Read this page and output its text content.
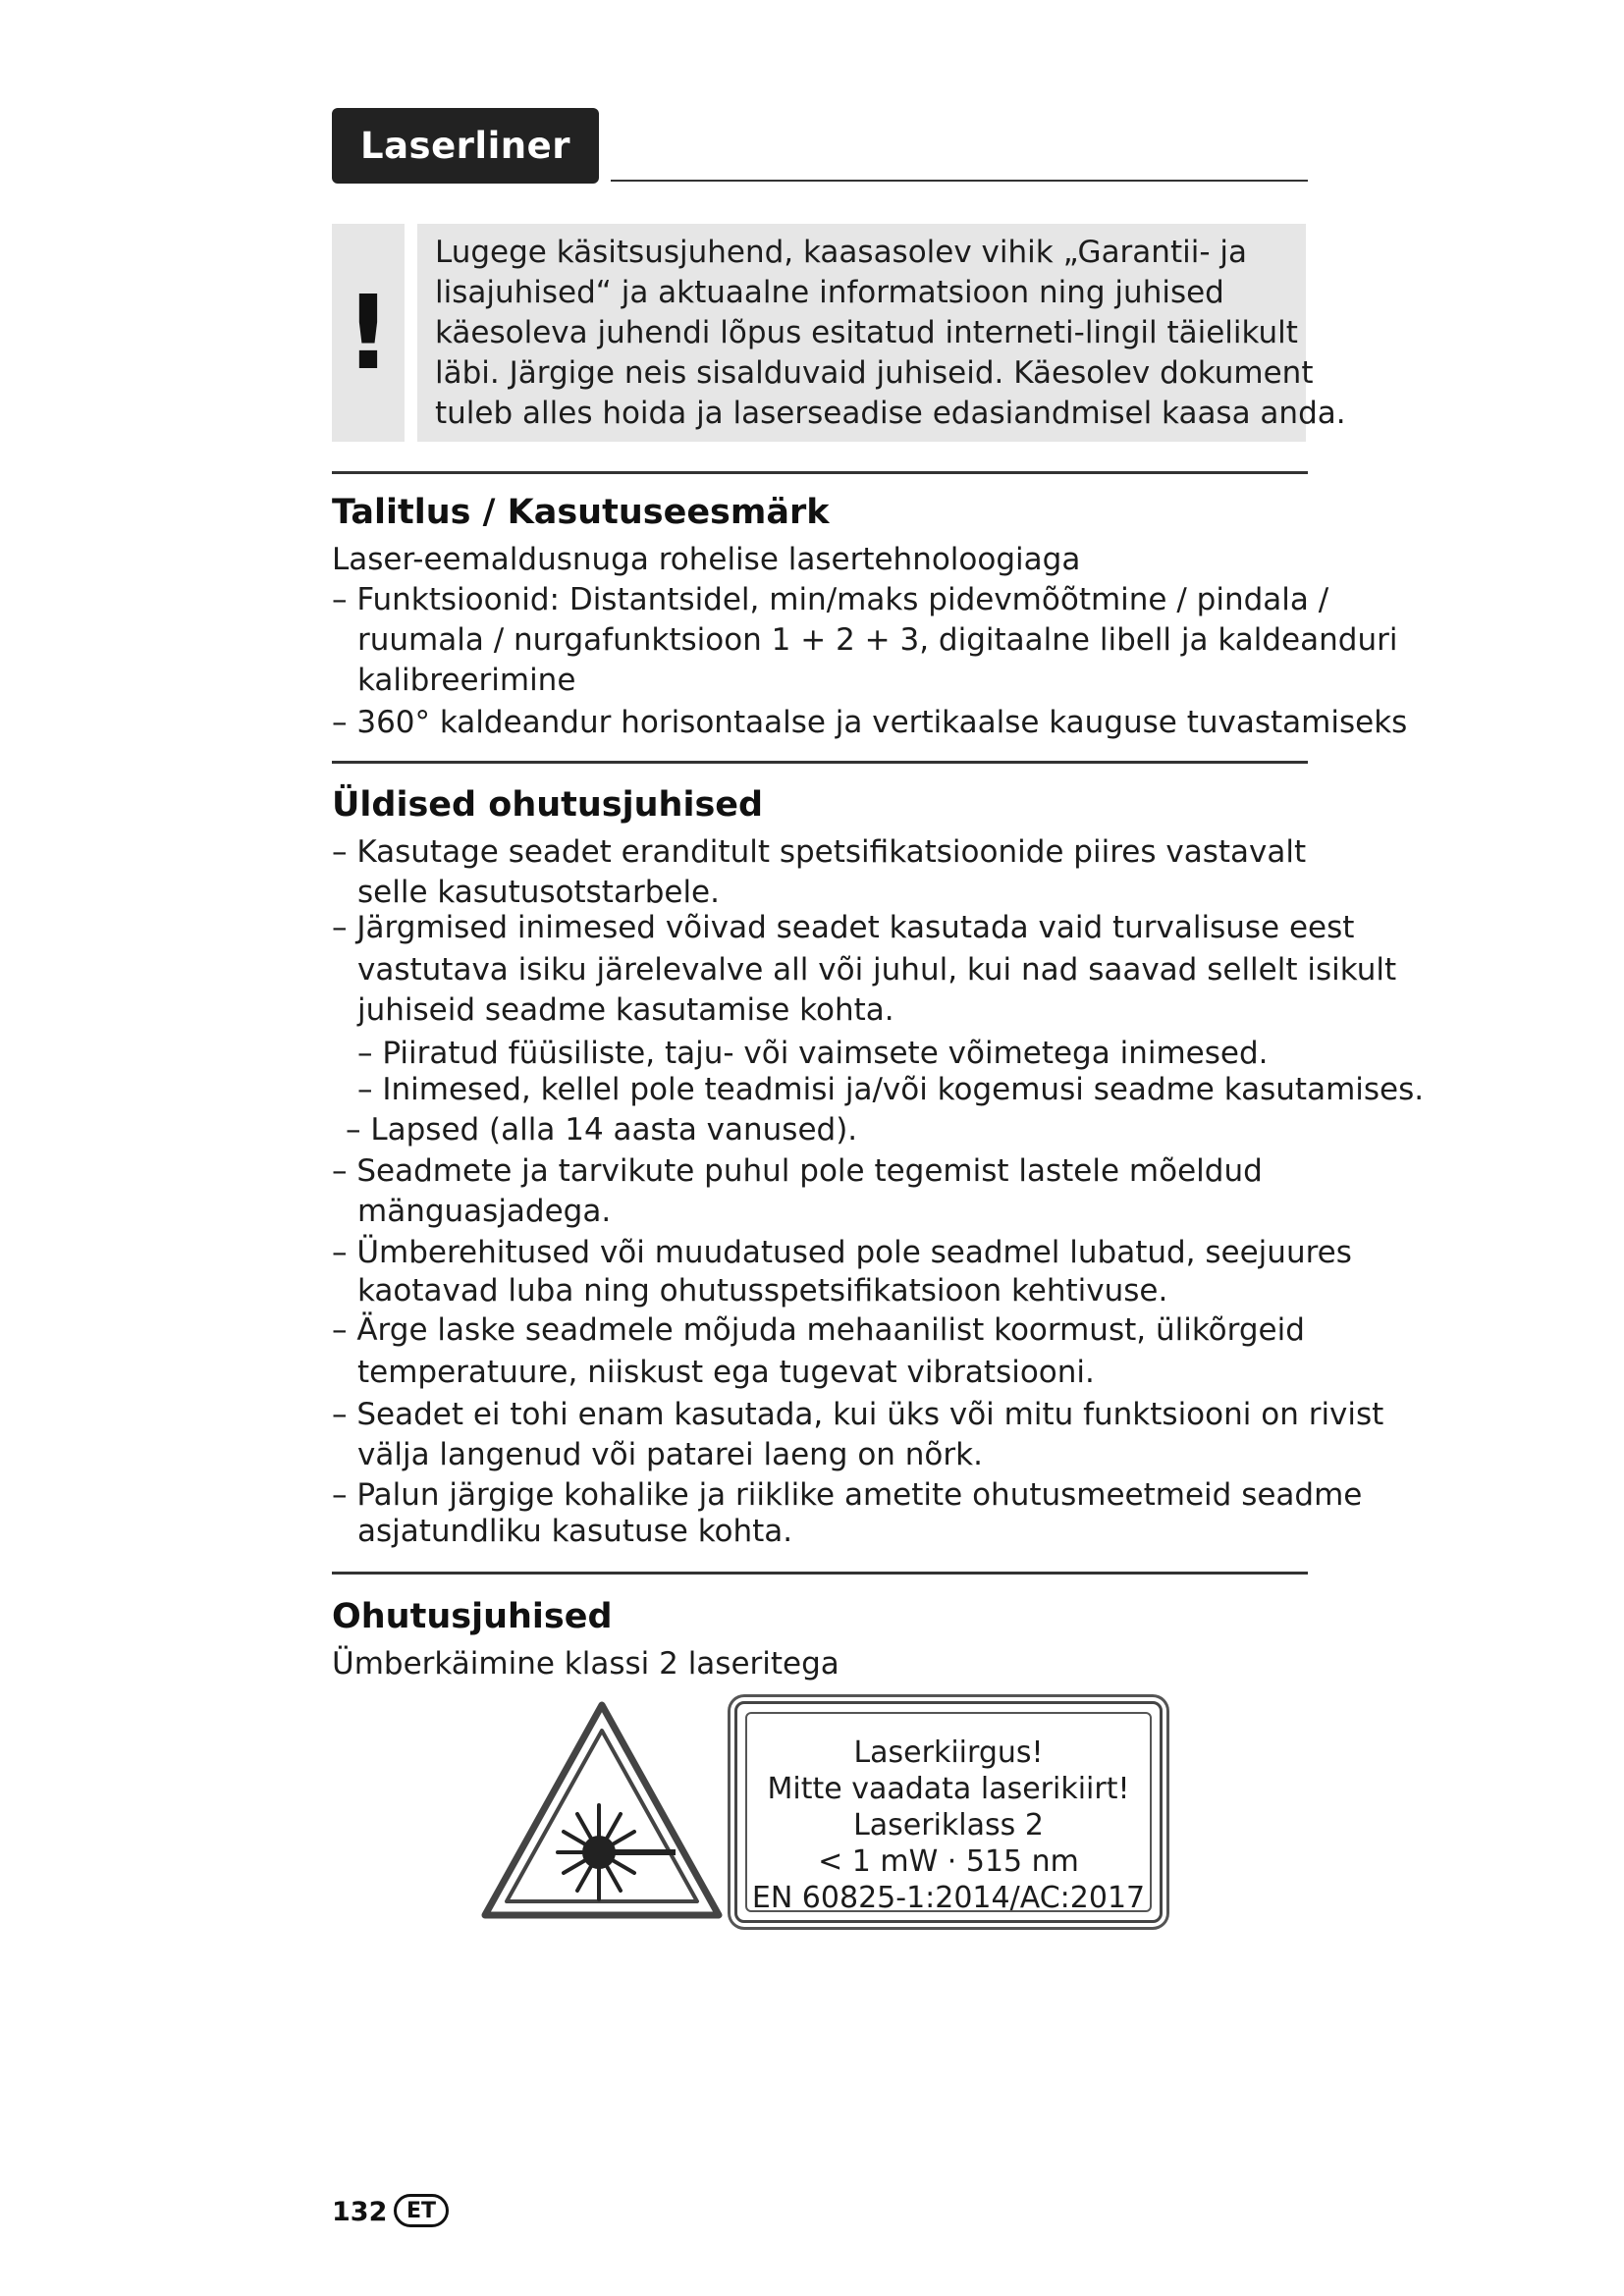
Laserliner
!
Lugege käsitsusjuhend, kaasasolev vihik „Garantii- ja
lisajuhised“ ja aktuaalne informatsioon ning juhised
käesoleva juhendi lõpus esitatud interneti-lingil täielikult
läbi. Järgige neis sisalduvaid juhiseid. Käesolev dokument
tuleb alles hoida ja laserseadise edasiandmisel kaasa anda.
Talitlus / Kasutuseesmärk
Laser-eemaldusnuga rohelise lasertehnoloogiaga
– Funktsioonid: Distantsidel, min/maks pidevmõõtmine / pindala /
ruumala / nurgafunktsioon 1 + 2 + 3, digitaalne libell ja kaldeanduri
kalibreerimine
– 360° kaldeandur horisontaalse ja vertikaalse kauguse tuvastamiseks
Üldised ohutusjuhised
– Kasutage seadet eranditult spetsifikatsioonide piires vastavalt
selle kasutusotstarbele.
– Järgmised inimesed võivad seadet kasutada vaid turvalisuse eest
vastutava isiku järelevalve all või juhul, kui nad saavad sellelt isikult
juhiseid seadme kasutamise kohta.
– Piiratud füüsiliste, taju- või vaimsete võimetega inimesed.
– Inimesed, kellel pole teadmisi ja/või kogemusi seadme kasutamises.
– Lapsed (alla 14 aasta vanused).
– Seadmete ja tarvikute puhul pole tegemist lastele mõeldud
mänguasjadega.
– Ümberehitused või muudatused pole seadmel lubatud, seejuures
kaotavad luba ning ohutusspetsifikatsioon kehtivuse.
– Ärge laske seadmele mõjuda mehaanilist koormust, ülikõrgeid
temperatuure, niiskust ega tugevat vibratsiooni.
– Seadet ei tohi enam kasutada, kui üks või mitu funktsiooni on rivist
välja langenud või patarei laeng on nõrk.
– Palun järgige kohalike ja riiklike ametite ohutusmeetmeid seadme
asjatundliku kasutuse kohta.
Ohutusjuhised
Ümberkäimine klassi 2 laseritega
Laserkiirgus!
Mitte vaadata laserikiirt!
Laseriklass 2
< 1 mW · 515 nm
EN 60825-1:2014/AC:2017
132 ET
